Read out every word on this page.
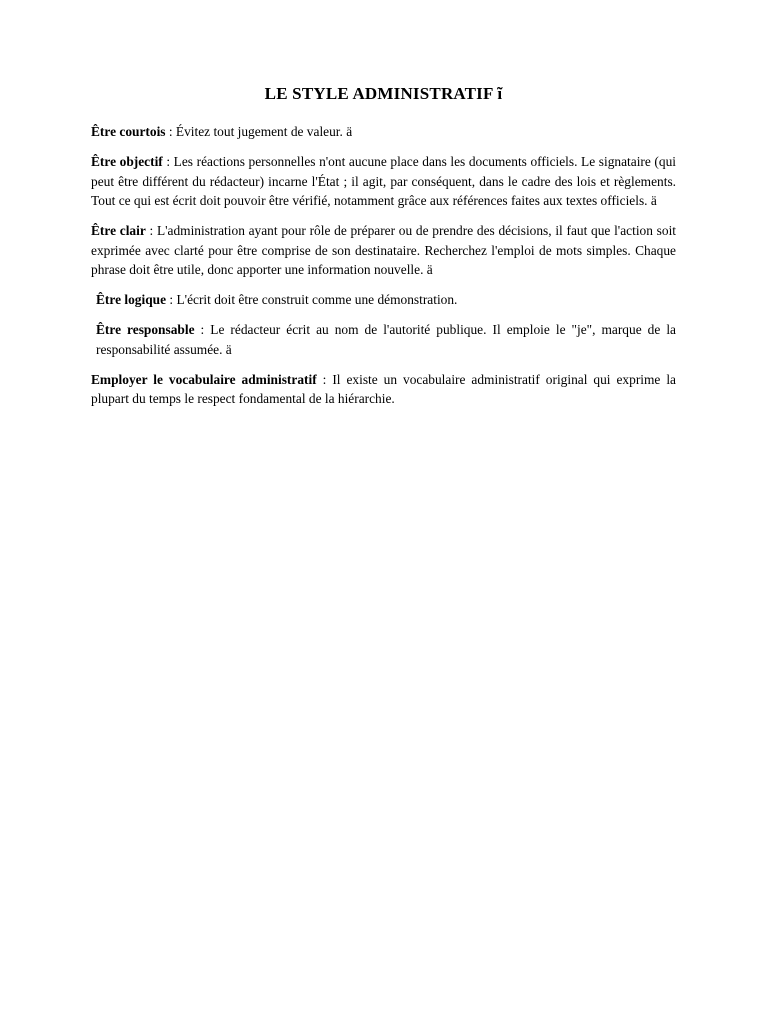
LE STYLE ADMINISTRATIF ĩ

Être courtois : Évitez tout jugement de valeur. ä

Être objectif : Les réactions personnelles n'ont aucune place dans les documents officiels. Le signataire (qui peut être différent du rédacteur) incarne l'État ; il agit, par conséquent, dans le cadre des lois et règlements. Tout ce qui est écrit doit pouvoir être vérifié, notamment grâce aux références faites aux textes officiels. ä

Être clair : L'administration ayant pour rôle de préparer ou de prendre des décisions, il faut que l'action soit exprimée avec clarté pour être comprise de son destinataire. Recherchez l'emploi de mots simples. Chaque phrase doit être utile, donc apporter une information nouvelle. ä

Être logique : L'écrit doit être construit comme une démonstration.

Être responsable : Le rédacteur écrit au nom de l'autorité publique. Il emploie le "je", marque de la responsabilité assumée. ä

Employer le vocabulaire administratif : Il existe un vocabulaire administratif original qui exprime la plupart du temps le respect fondamental de la hiérarchie.
